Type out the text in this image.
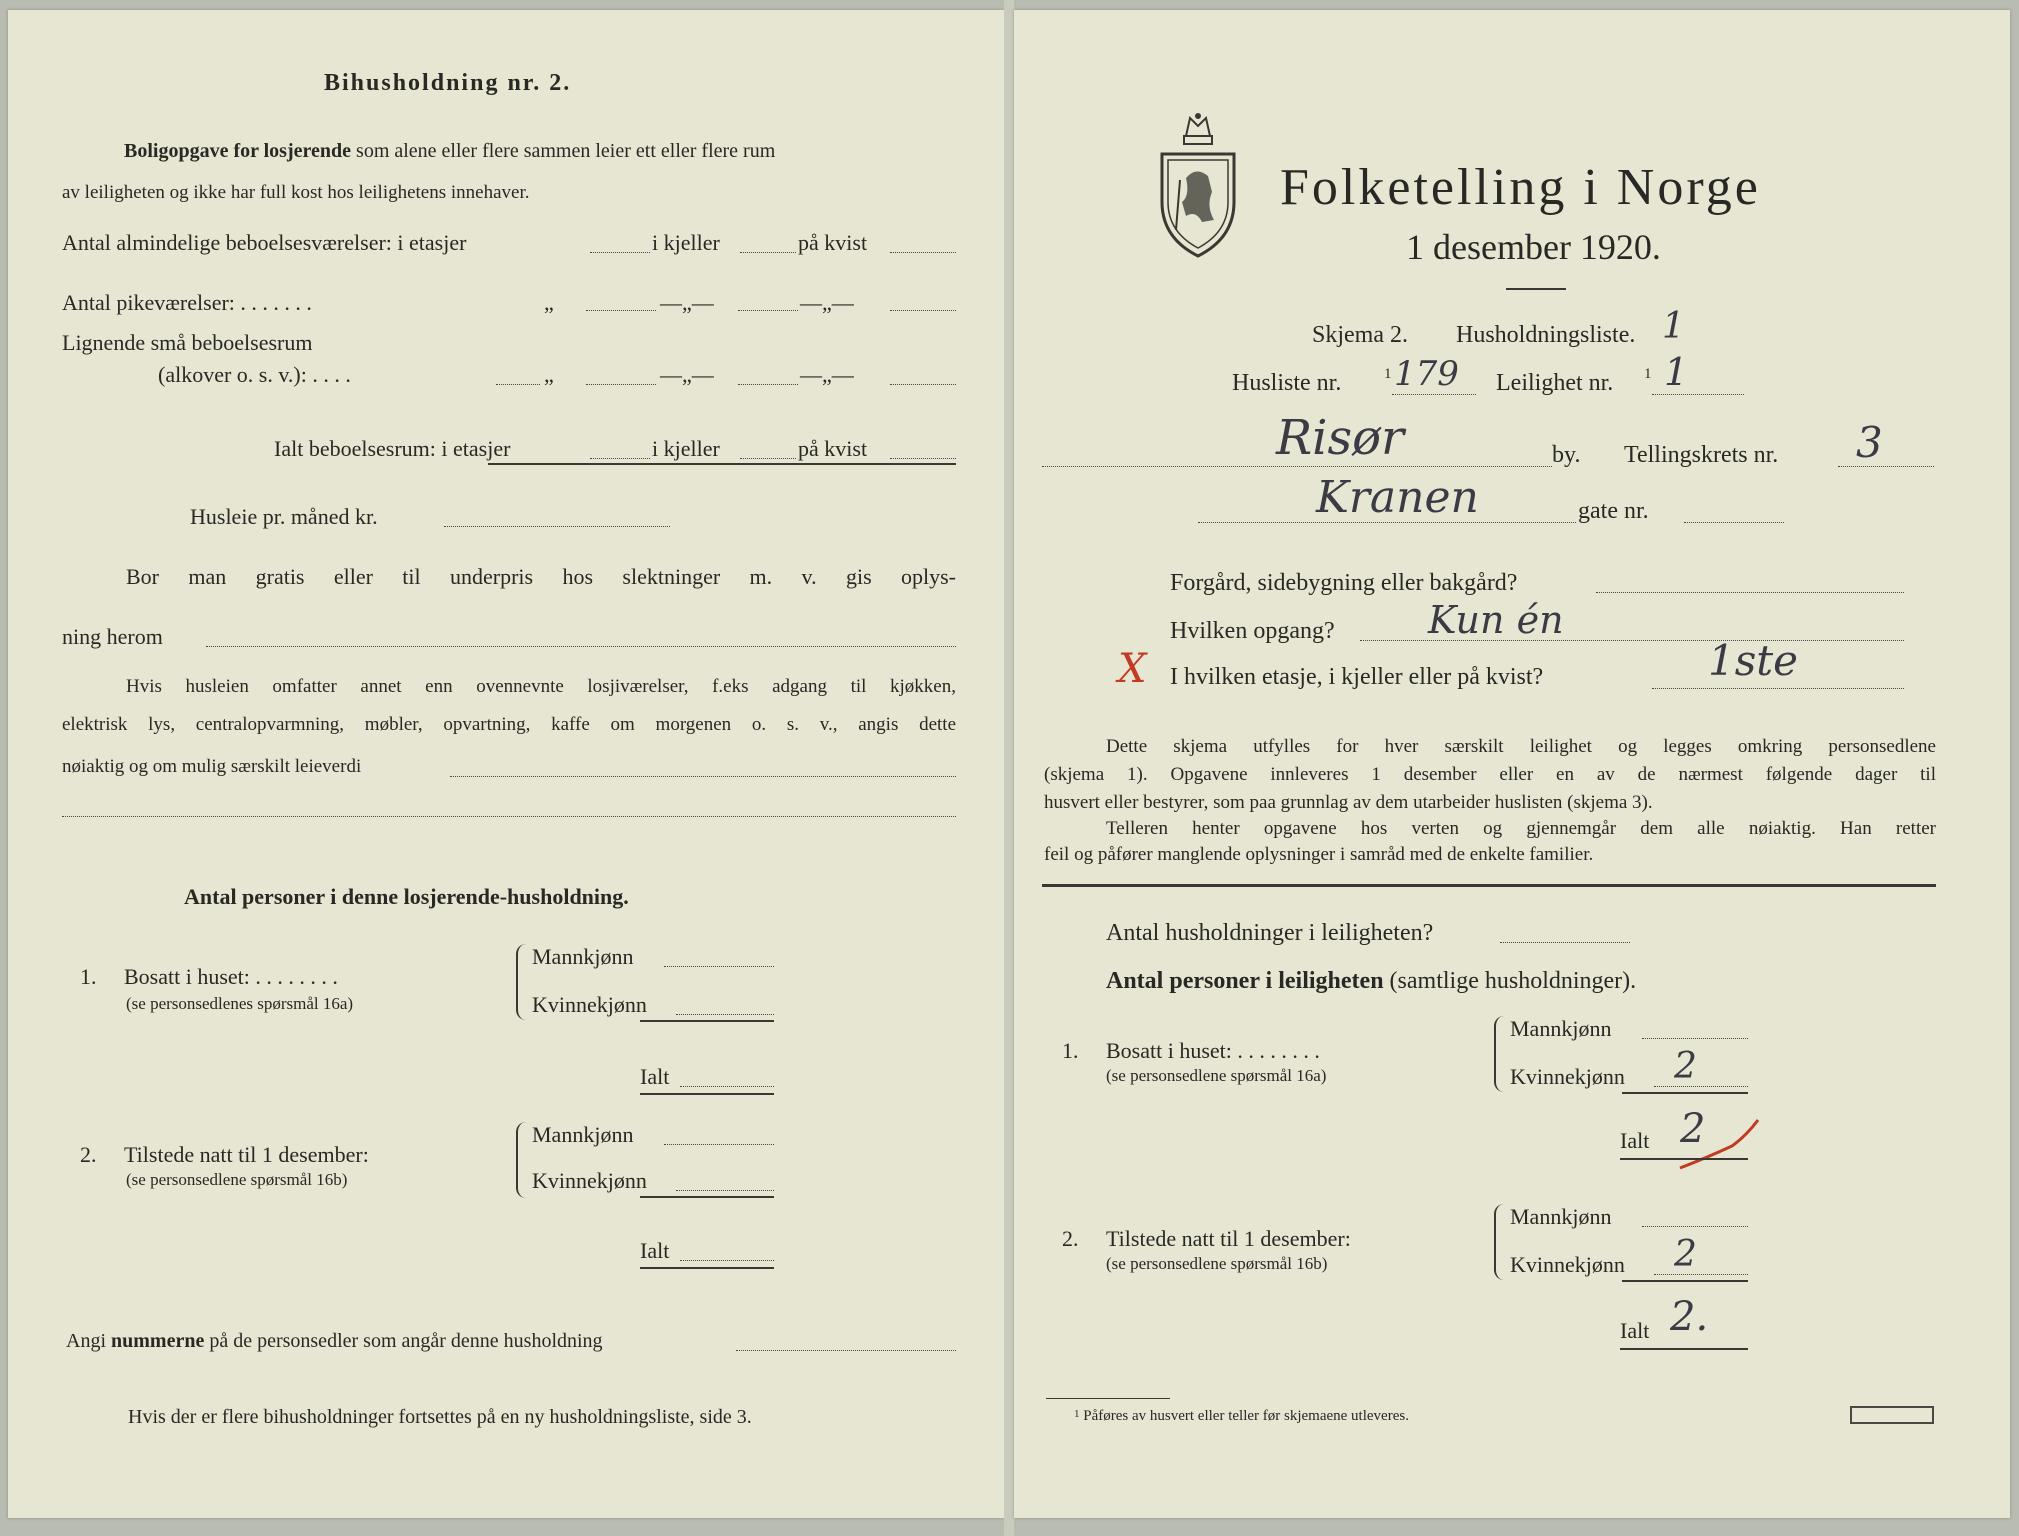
Bihusholdning nr. 2.
Boligopgave for losjerende som alene eller flere sammen leier ett eller flere rum
av leiligheten og ikke har full kost hos leilighetens innehaver.
Antal almindelige beboelsesværelser: i etasjer	i kjeller	på kvist
Antal pikeværelser: . . . . . . .	„	—„—	—„—
Lignende små beboelsesrum
(alkover o. s. v.): . . . .	„	—„—	—„—
Ialt beboelsesrum: i etasjer	i kjeller	på kvist
Husleie pr. måned kr.
Bor man gratis eller til underpris hos slektninger m. v. gis oplys-
ning herom
Hvis husleien omfatter annet enn ovennevnte losjiværelser, f.eks adgang til kjøkken,
elektrisk lys, centralopvarmning, møbler, opvartning, kaffe om morgenen o. s. v., angis dette
nøiaktig og om mulig særskilt leieverdi
Antal personer i denne losjerende-husholdning.
1. Bosatt i huset: . . . . . . . .
(se personsedlenes spørsmål 16a)
Mannkjønn
Kvinnekjønn
Ialt
2. Tilstede natt til 1 desember:
(se personsedlene spørsmål 16b)
Mannkjønn
Kvinnekjønn
Ialt
Angi nummerne på de personsedler som angår denne husholdning
Hvis der er flere bihusholdninger fortsettes på en ny husholdningsliste, side 3.
Folketelling i Norge
1 desember 1920.
Skjema 2. Husholdningsliste. 1
Husliste nr.	1 179 Leilighet nr. 1 1
Risør	by. Tellingskrets nr. 3
Kranen	gate nr.
Forgård, sidebygning eller bakgård?
Hvilken opgang? Kun én
X I hvilken etasje, i kjeller eller på kvist?	1ste
Dette skjema utfylles for hver særskilt leilighet og legges omkring personsedlene
(skjema 1). Opgavene innleveres 1 desember eller en av de nærmest følgende dager til
husvert eller bestyrer, som paa grunnlag av dem utarbeider huslisten (skjema 3).
Telleren henter opgavene hos verten og gjennemgår dem alle nøiaktig. Han retter
feil og påfører manglende oplysninger i samråd med de enkelte familier.
Antal husholdninger i leiligheten?
Antal personer i leiligheten (samtlige husholdninger).
1. Bosatt i huset: . . . . . . . .
(se personsedlene spørsmål 16a)
Mannkjønn
Kvinnekjønn 2
Ialt 2
2. Tilstede natt til 1 desember:
(se personsedlene spørsmål 16b)
Mannkjønn
Kvinnekjønn 2
Ialt 2.
$^1$ Påføres av husvert eller teller før skjemaene utleveres.
